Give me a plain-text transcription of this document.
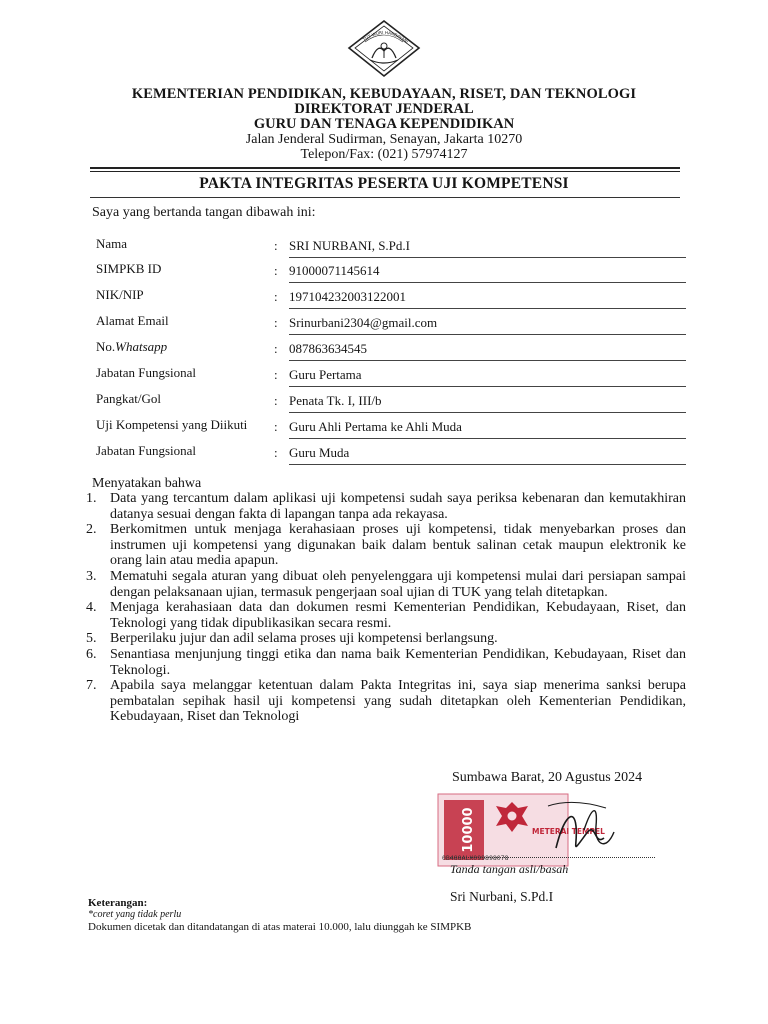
TUT WURI HANDAYANI
KEMENTERIAN PENDIDIKAN, KEBUDAYAAN, RISET, DAN TEKNOLOGI
DIREKTORAT JENDERAL
GURU DAN TENAGA KEPENDIDIKAN
Jalan Jenderal Sudirman, Senayan, Jakarta 10270
Telepon/Fax: (021) 57974127
PAKTA INTEGRITAS PESERTA UJI KOMPETENSI
Saya yang bertanda tangan dibawah ini:
Nama	: SRI NURBANI, S.Pd.I
SIMPKB ID	: 91000071145614
NIK/NIP	: 197104232003122001
Alamat Email	: Srinurbani2304@gmail.com
No.Whatsapp	: 087863634545
Jabatan Fungsional	: Guru Pertama
Pangkat/Gol	: Penata Tk. I, III/b
Uji Kompetensi yang Diikuti : Guru Ahli Pertama ke Ahli Muda
Jabatan Fungsional	: Guru Muda
Menyatakan bahwa
1. Data yang tercantum dalam aplikasi uji kompetensi sudah saya periksa kebenaran dan kemutakhiran datanya sesuai dengan fakta di lapangan tanpa ada rekayasa.
2. Berkomitmen untuk menjaga kerahasiaan proses uji kompetensi, tidak menyebarkan proses dan instrumen uji kompetensi yang digunakan baik dalam bentuk salinan cetak maupun elektronik ke orang lain atau media apapun.
3. Mematuhi segala aturan yang dibuat oleh penyelenggara uji kompetensi mulai dari persiapan sampai dengan pelaksanaan ujian, termasuk pengerjaan soal ujian di TUK yang telah ditetapkan.
4. Menjaga kerahasiaan data dan dokumen resmi Kementerian Pendidikan, Kebudayaan, Riset, dan Teknologi yang tidak dipublikasikan secara resmi.
5. Berperilaku jujur dan adil selama proses uji kompetensi berlangsung.
6. Senantiasa menjunjung tinggi etika dan nama baik Kementerian Pendidikan, Kebudayaan, Riset dan Teknologi.
7. Apabila saya melanggar ketentuan dalam Pakta Integritas ini, saya siap menerima sanksi berupa pembatalan sepihak hasil uji kompetensi yang sudah ditetapkan oleh Kementerian Pendidikan, Kebudayaan, Riset dan Teknologi
Sumbawa Barat, 20 Agustus 2024
10000	METERAI TEMPEL
0B488ALX099898078
Tanda tangan asli/basah
Sri Nurbani, S.Pd.I
Keterangan:
*coret yang tidak perlu
Dokumen dicetak dan ditandatangan di atas materai 10.000, lalu diunggah ke SIMPKB
